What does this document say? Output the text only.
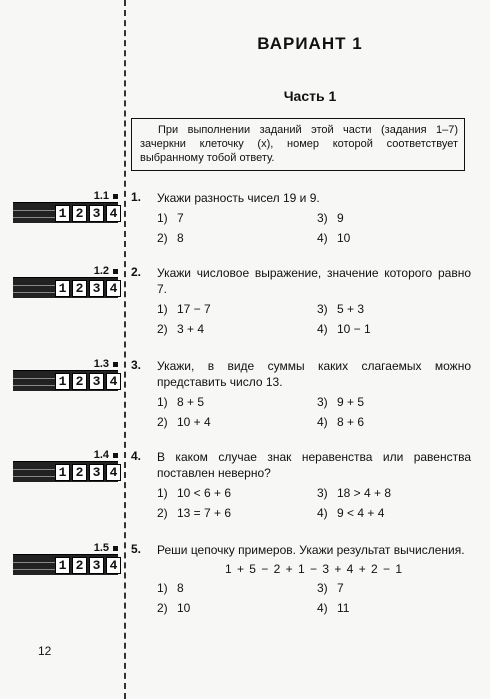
ВАРИАНТ 1
Часть 1
При выполнении заданий этой части (задания 1–7) зачеркни клеточку (x), номер которой соответствует выбранному тобой ответу.
1.1
1 2 3 4
1.2
1 2 3 4
1.3
1 2 3 4
1.4
1 2 3 4
1.5
1 2 3 4
1. Укажи разность чисел 19 и 9.
1) 7	3) 9
2) 8	4) 10
2. Укажи числовое выражение, значение которого равно 7.
1) 17 − 7	3) 5 + 3
2) 3 + 4	4) 10 − 1
3. Укажи, в виде суммы каких слагаемых можно представить число 13.
1) 8 + 5	3) 9 + 5
2) 10 + 4	4) 8 + 6
4. В каком случае знак неравенства или равенства поставлен неверно?
1) 10 < 6 + 6	3) 18 > 4 + 8
2) 13 = 7 + 6	4) 9 < 4 + 4
5. Реши цепочку примеров. Укажи результат вычисления.
1 + 5 − 2 + 1 − 3 + 4 + 2 − 1
1) 8	3) 7
2) 10	4) 11
12
